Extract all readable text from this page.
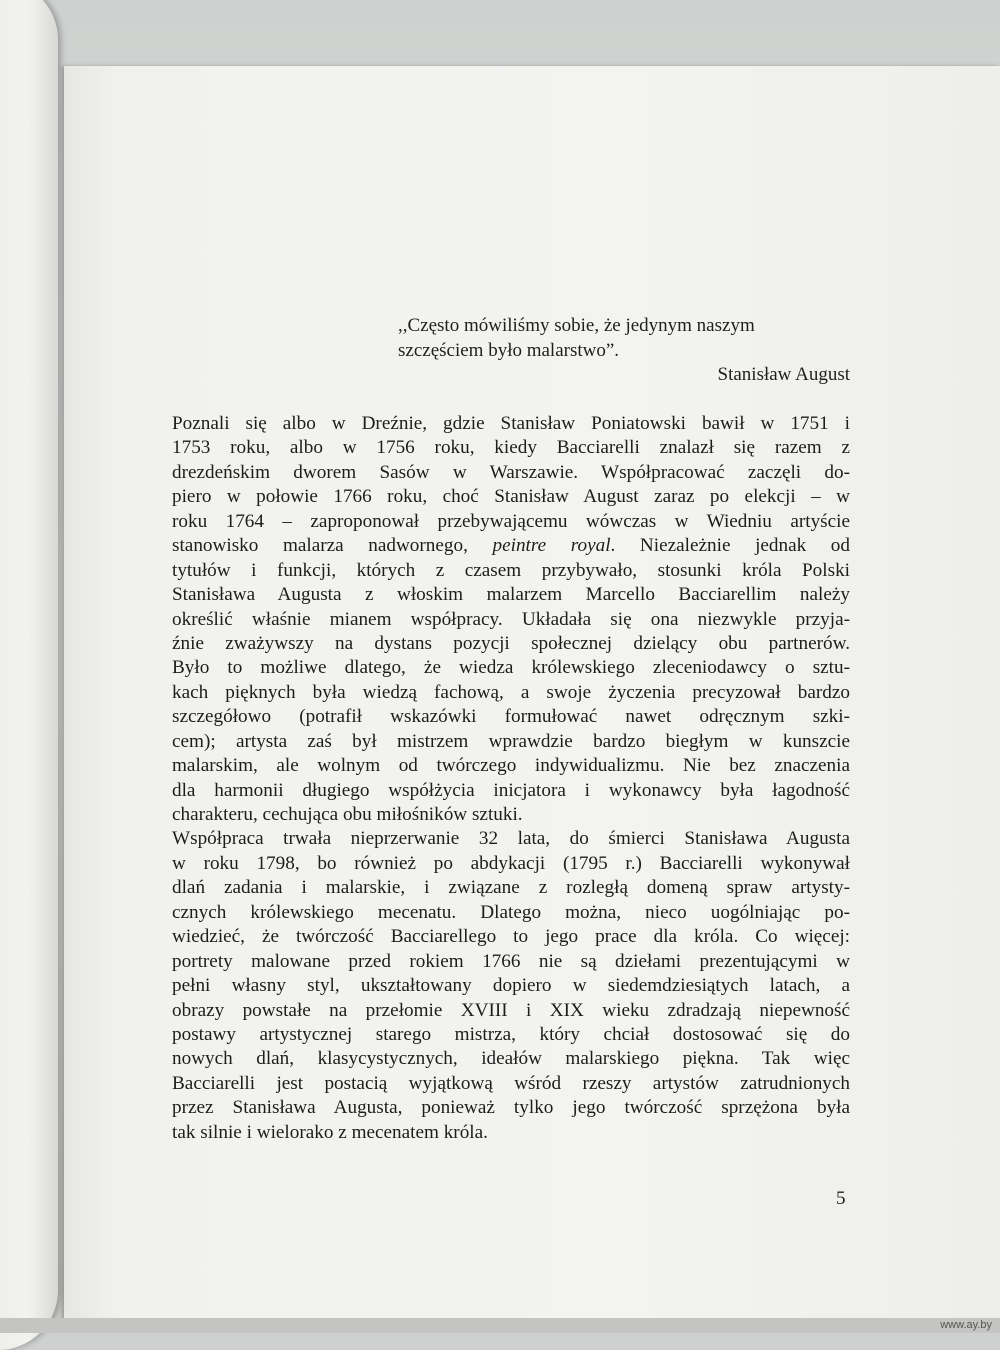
,,Często mówiliśmy sobie, że jedynym naszym
szczęściem było malarstwo”.
Stanisław August
Poznali się albo w Dreźnie, gdzie Stanisław Poniatowski bawił w 1751 i
1753 roku, albo w 1756 roku, kiedy Bacciarelli znalazł się razem z
drezdeńskim dworem Sasów w Warszawie. Współpracować zaczęli do-
piero w połowie 1766 roku, choć Stanisław August zaraz po elekcji – w
roku 1764 – zaproponował przebywającemu wówczas w Wiedniu artyście
stanowisko malarza nadwornego, peintre royal. Niezależnie jednak od
tytułów i funkcji, których z czasem przybywało, stosunki króla Polski
Stanisława Augusta z włoskim malarzem Marcello Bacciarellim należy
określić właśnie mianem współpracy. Układała się ona niezwykle przyja-
źnie zważywszy na dystans pozycji społecznej dzielący obu partnerów.
Było to możliwe dlatego, że wiedza królewskiego zleceniodawcy o sztu-
kach pięknych była wiedzą fachową, a swoje życzenia precyzował bardzo
szczegółowo (potrafił wskazówki formułować nawet odręcznym szki-
cem); artysta zaś był mistrzem wprawdzie bardzo biegłym w kunszcie
malarskim, ale wolnym od twórczego indywidualizmu. Nie bez znaczenia
dla harmonii długiego współżycia inicjatora i wykonawcy była łagodność
charakteru, cechująca obu miłośników sztuki.
Współpraca trwała nieprzerwanie 32 lata, do śmierci Stanisława Augusta
w roku 1798, bo również po abdykacji (1795 r.) Bacciarelli wykonywał
dlań zadania i malarskie, i związane z rozległą domeną spraw artysty-
cznych królewskiego mecenatu. Dlatego można, nieco uogólniając po-
wiedzieć, że twórczość Bacciarellego to jego prace dla króla. Co więcej:
portrety malowane przed rokiem 1766 nie są dziełami prezentującymi w
pełni własny styl, ukształtowany dopiero w siedemdziesiątych latach, a
obrazy powstałe na przełomie XVIII i XIX wieku zdradzają niepewność
postawy artystycznej starego mistrza, który chciał dostosować się do
nowych dlań, klasycystycznych, ideałów malarskiego piękna. Tak więc
Bacciarelli jest postacią wyjątkową wśród rzeszy artystów zatrudnionych
przez Stanisława Augusta, ponieważ tylko jego twórczość sprzężona była
tak silnie i wielorako z mecenatem króla.
5
www.ay.by
